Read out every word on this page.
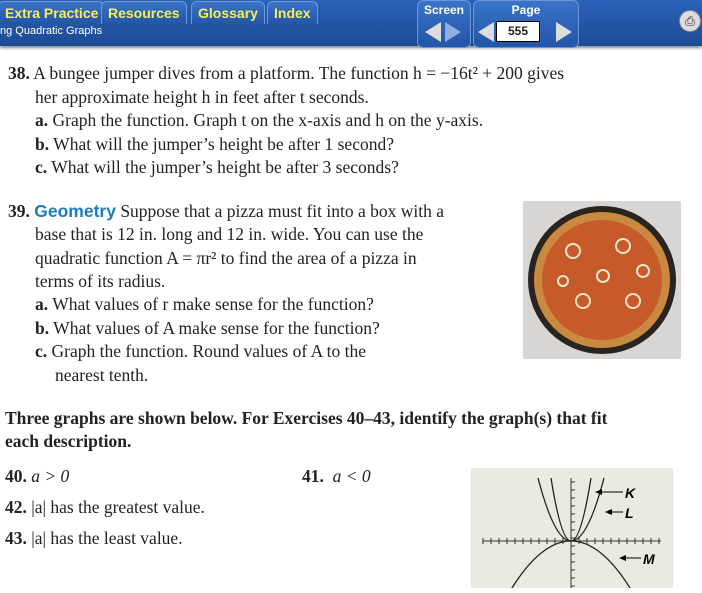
Extra Practice Resources	Glossary	Index
ng Quadratic Graphs
Screen	Page
555
⎙
38. A bungee jumper dives from a platform. The function h = −16t² + 200 gives
her approximate height h in feet after t seconds.
a. Graph the function. Graph t on the x-axis and h on the y-axis.
b. What will the jumper’s height be after 1 second?
c. What will the jumper’s height be after 3 seconds?
39. Geometry Suppose that a pizza must fit into a box with a
base that is 12 in. long and 12 in. wide. You can use the
quadratic function A = πr² to find the area of a pizza in
terms of its radius.
a. What values of r make sense for the function?
b. What values of A make sense for the function?
c. Graph the function. Round values of A to the
nearest tenth.
Three graphs are shown below. For Exercises 40–43, identify the graph(s) that fit
each description.
40. a > 0	41. a < 0
42. |a| has the greatest value.
43. |a| has the least value.
K
L
M
